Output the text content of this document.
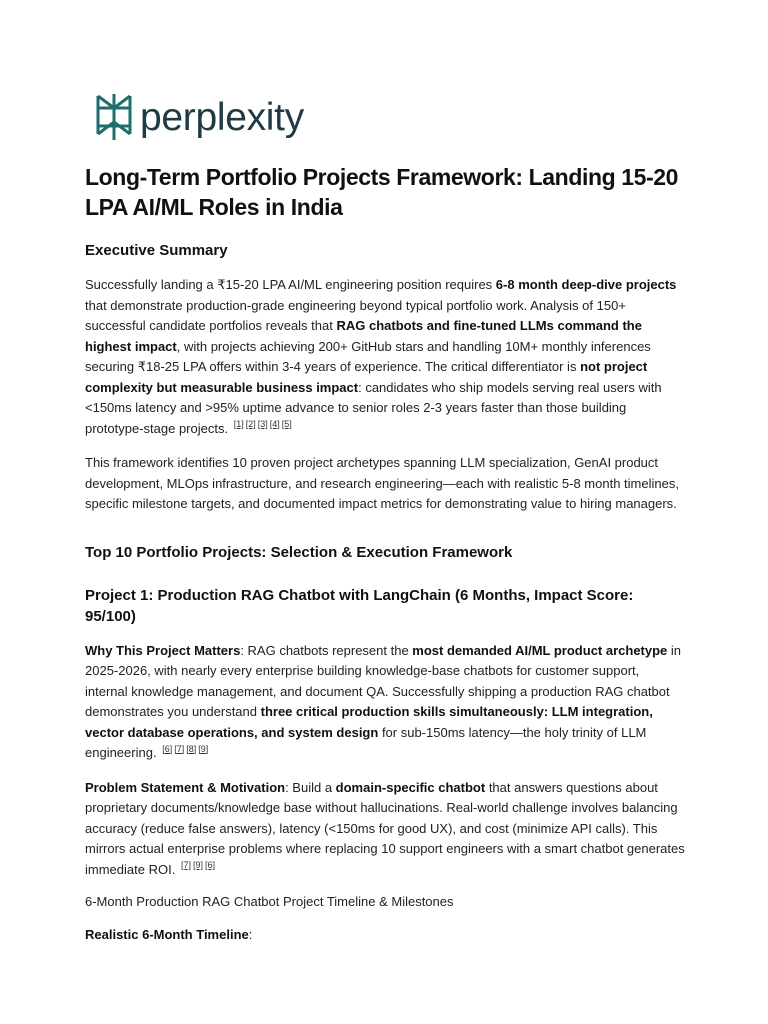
perplexity
Long-Term Portfolio Projects Framework: Landing 15-20 LPA AI/ML Roles in India
Executive Summary

Successfully landing a ₹15-20 LPA AI/ML engineering position requires 6-8 month deep-dive projects that demonstrate production-grade engineering beyond typical portfolio work. Analysis of 150+ successful candidate portfolios reveals that RAG chatbots and fine-tuned LLMs command the highest impact, with projects achieving 200+ GitHub stars and handling 10M+ monthly inferences securing ₹18-25 LPA offers within 3-4 years of experience. The critical differentiator is not project complexity but measurable business impact: candidates who ship models serving real users with <150ms latency and >95% uptime advance to senior roles 2-3 years faster than those building prototype-stage projects. [1] [2] [3] [4] [5]

This framework identifies 10 proven project archetypes spanning LLM specialization, GenAI product development, MLOps infrastructure, and research engineering—each with realistic 5-8 month timelines, specific milestone targets, and documented impact metrics for demonstrating value to hiring managers.

Top 10 Portfolio Projects: Selection & Execution Framework
Project 1: Production RAG Chatbot with LangChain (6 Months, Impact Score: 95/100)

Why This Project Matters: RAG chatbots represent the most demanded AI/ML product archetype in 2025-2026, with nearly every enterprise building knowledge-base chatbots for customer support, internal knowledge management, and document QA. Successfully shipping a production RAG chatbot demonstrates you understand three critical production skills simultaneously: LLM integration, vector database operations, and system design for sub-150ms latency—the holy trinity of LLM engineering. [6] [7] [8] [9]

Problem Statement & Motivation: Build a domain-specific chatbot that answers questions about proprietary documents/knowledge base without hallucinations. Real-world challenge involves balancing accuracy (reduce false answers), latency (<150ms for good UX), and cost (minimize API calls). This mirrors actual enterprise problems where replacing 10 support engineers with a smart chatbot generates immediate ROI. [7] [9] [6]

6-Month Production RAG Chatbot Project Timeline & Milestones

Realistic 6-Month Timeline:
